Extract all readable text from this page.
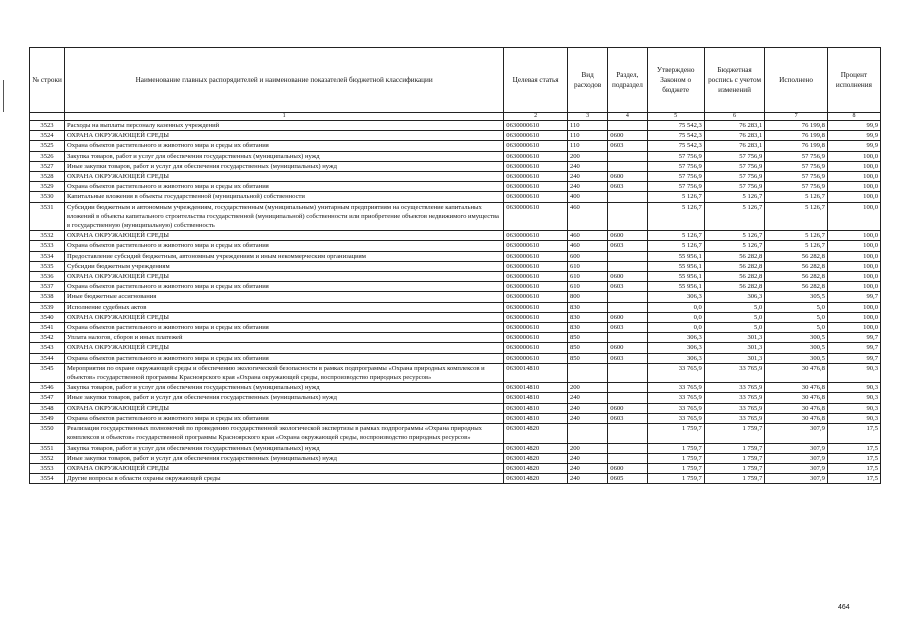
№ строки	Наименование главных распорядителей и наименование показателей бюджетной классификации	Целевая статья	Вид расходов	Раздел, подраздел	Утверждено Законом о бюджете	Бюджетная роспись с учетом изменений	Исполнено	Процент исполнения
	1	2	3	4	5	6	7	8
3523	Расходы на выплаты персоналу казенных учреждений	0630000610	110		75 542,3	76 283,1	76 199,8	99,9
3524	ОХРАНА ОКРУЖАЮЩЕЙ СРЕДЫ	0630000610	110	0600	75 542,3	76 283,1	76 199,8	99,9
3525	Охрана объектов растительного и животного мира и среды их обитания	0630000610	110	0603	75 542,3	76 283,1	76 199,8	99,9
3526	Закупка товаров, работ и услуг для обеспечения государственных (муниципальных) нужд	0630000610	200		57 756,9	57 756,9	57 756,9	100,0
3527	Иные закупки товаров, работ и услуг для обеспечения государственных (муниципальных) нужд	0630000610	240		57 756,9	57 756,9	57 756,9	100,0
3528	ОХРАНА ОКРУЖАЮЩЕЙ СРЕДЫ	0630000610	240	0600	57 756,9	57 756,9	57 756,9	100,0
3529	Охрана объектов растительного и животного мира и среды их обитания	0630000610	240	0603	57 756,9	57 756,9	57 756,9	100,0
3530	Капитальные вложения в объекты государственной (муниципальной) собственности	0630000610	400		5 126,7	5 126,7	5 126,7	100,0
3531	Субсидии бюджетным и автономным учреждениям, государственным (муниципальным) унитарным предприятиям на осуществление капитальных вложений в объекты капитального строительства государственной (муниципальной) собственности или приобретение объектов недвижимого имущества в государственную (муниципальную) собственность	0630000610	460		5 126,7	5 126,7	5 126,7	100,0
3532	ОХРАНА ОКРУЖАЮЩЕЙ СРЕДЫ	0630000610	460	0600	5 126,7	5 126,7	5 126,7	100,0
3533	Охрана объектов растительного и животного мира и среды их обитания	0630000610	460	0603	5 126,7	5 126,7	5 126,7	100,0
3534	Предоставление субсидий бюджетным, автономным учреждениям и иным некоммерческим организациям	0630000610	600		55 956,1	56 282,8	56 282,8	100,0
3535	Субсидии бюджетным учреждениям	0630000610	610		55 956,1	56 282,8	56 282,8	100,0
3536	ОХРАНА ОКРУЖАЮЩЕЙ СРЕДЫ	0630000610	610	0600	55 956,1	56 282,8	56 282,8	100,0
3537	Охрана объектов растительного и животного мира и среды их обитания	0630000610	610	0603	55 956,1	56 282,8	56 282,8	100,0
3538	Иные бюджетные ассигнования	0630000610	800		306,3	306,3	305,5	99,7
3539	Исполнение судебных актов	0630000610	830		0,0	5,0	5,0	100,0
3540	ОХРАНА ОКРУЖАЮЩЕЙ СРЕДЫ	0630000610	830	0600	0,0	5,0	5,0	100,0
3541	Охрана объектов растительного и животного мира и среды их обитания	0630000610	830	0603	0,0	5,0	5,0	100,0
3542	Уплата налогов, сборов и иных платежей	0630000610	850		306,3	301,3	300,5	99,7
3543	ОХРАНА ОКРУЖАЮЩЕЙ СРЕДЫ	0630000610	850	0600	306,3	301,3	300,5	99,7
3544	Охрана объектов растительного и животного мира и среды их обитания	0630000610	850	0603	306,3	301,3	300,5	99,7
3545	Мероприятия по охране окружающей среды и обеспечению экологической безопасности в рамках подпрограммы «Охрана природных комплексов и объектов» государственной программы Красноярского края «Охрана окружающей среды, воспроизводство природных ресурсов»	0630014810			33 765,9	33 765,9	30 476,8	90,3
3546	Закупка товаров, работ и услуг для обеспечения государственных (муниципальных) нужд	0630014810	200		33 765,9	33 765,9	30 476,8	90,3
3547	Иные закупки товаров, работ и услуг для обеспечения государственных (муниципальных) нужд	0630014810	240		33 765,9	33 765,9	30 476,8	90,3
3548	ОХРАНА ОКРУЖАЮЩЕЙ СРЕДЫ	0630014810	240	0600	33 765,9	33 765,9	30 476,8	90,3
3549	Охрана объектов растительного и животного мира и среды их обитания	0630014810	240	0603	33 765,9	33 765,9	30 476,8	90,3
3550	Реализация государственных полномочий по проведению государственной экологической экспертизы в рамках подпрограммы «Охрана природных комплексов и объектов» государственной программы Красноярского края «Охрана окружающей среды, воспроизводство природных ресурсов»	0630014820			1 759,7	1 759,7	307,9	17,5
3551	Закупка товаров, работ и услуг для обеспечения государственных (муниципальных) нужд	0630014820	200		1 759,7	1 759,7	307,9	17,5
3552	Иные закупки товаров, работ и услуг для обеспечения государственных (муниципальных) нужд	0630014820	240		1 759,7	1 759,7	307,9	17,5
3553	ОХРАНА ОКРУЖАЮЩЕЙ СРЕДЫ	0630014820	240	0600	1 759,7	1 759,7	307,9	17,5
3554	Другие вопросы в области охраны окружающей среды	0630014820	240	0605	1 759,7	1 759,7	307,9	17,5
464
